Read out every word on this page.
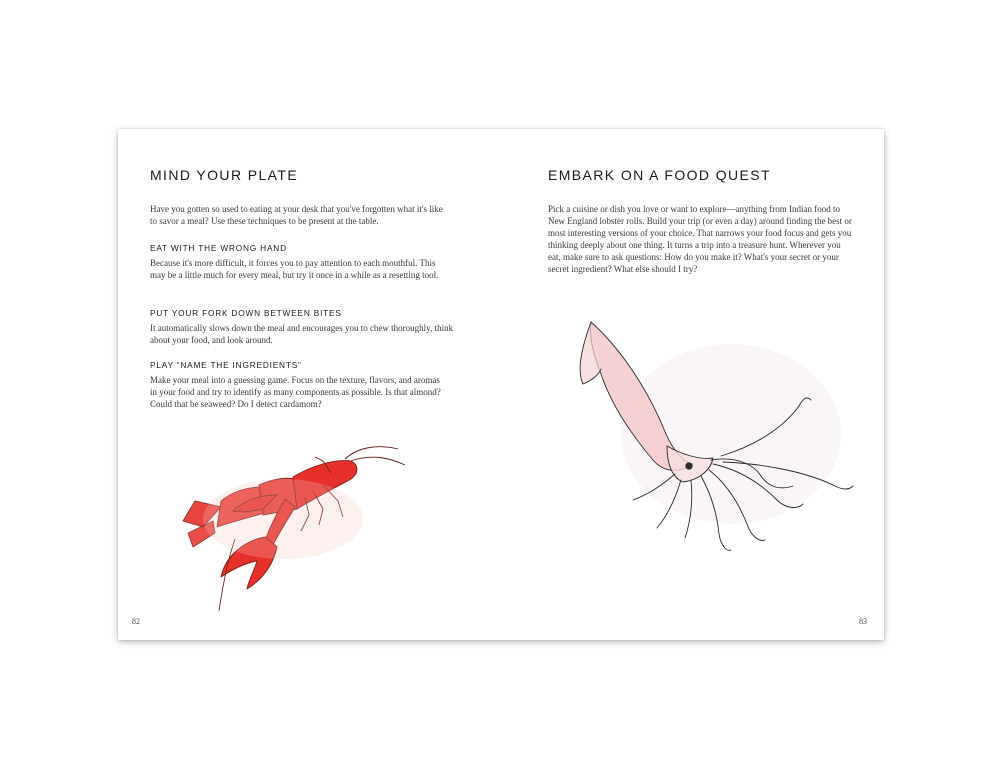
MIND YOUR PLATE

Have you gotten so used to eating at your desk that you've forgotten what it's like to savor a meal? Use these techniques to be present at the table.

EAT WITH THE WRONG HAND

Because it's more difficult, it forces you to pay attention to each mouthful. This may be a little much for every meal, but try it once in a while as a resetting tool.

PUT YOUR FORK DOWN BETWEEN BITES

It automatically slows down the meal and encourages you to chew thoroughly, think about your food, and look around.

PLAY “NAME THE INGREDIENTS”

Make your meal into a guessing game. Focus on the texture, flavors, and aromas in your food and try to identify as many components as possible. Is that almond? Could that be seaweed? Do I detect cardamom?

82
EMBARK ON A FOOD QUEST

Pick a cuisine or dish you love or want to explore—anything from Indian food to New England lobster rolls. Build your trip (or even a day) around finding the best or most interesting versions of your choice. That narrows your food focus and gets you thinking deeply about one thing. It turns a trip into a treasure hunt. Wherever you eat, make sure to ask questions: How do you make it? What's your secret or your secret ingredient? What else should I try?

83
